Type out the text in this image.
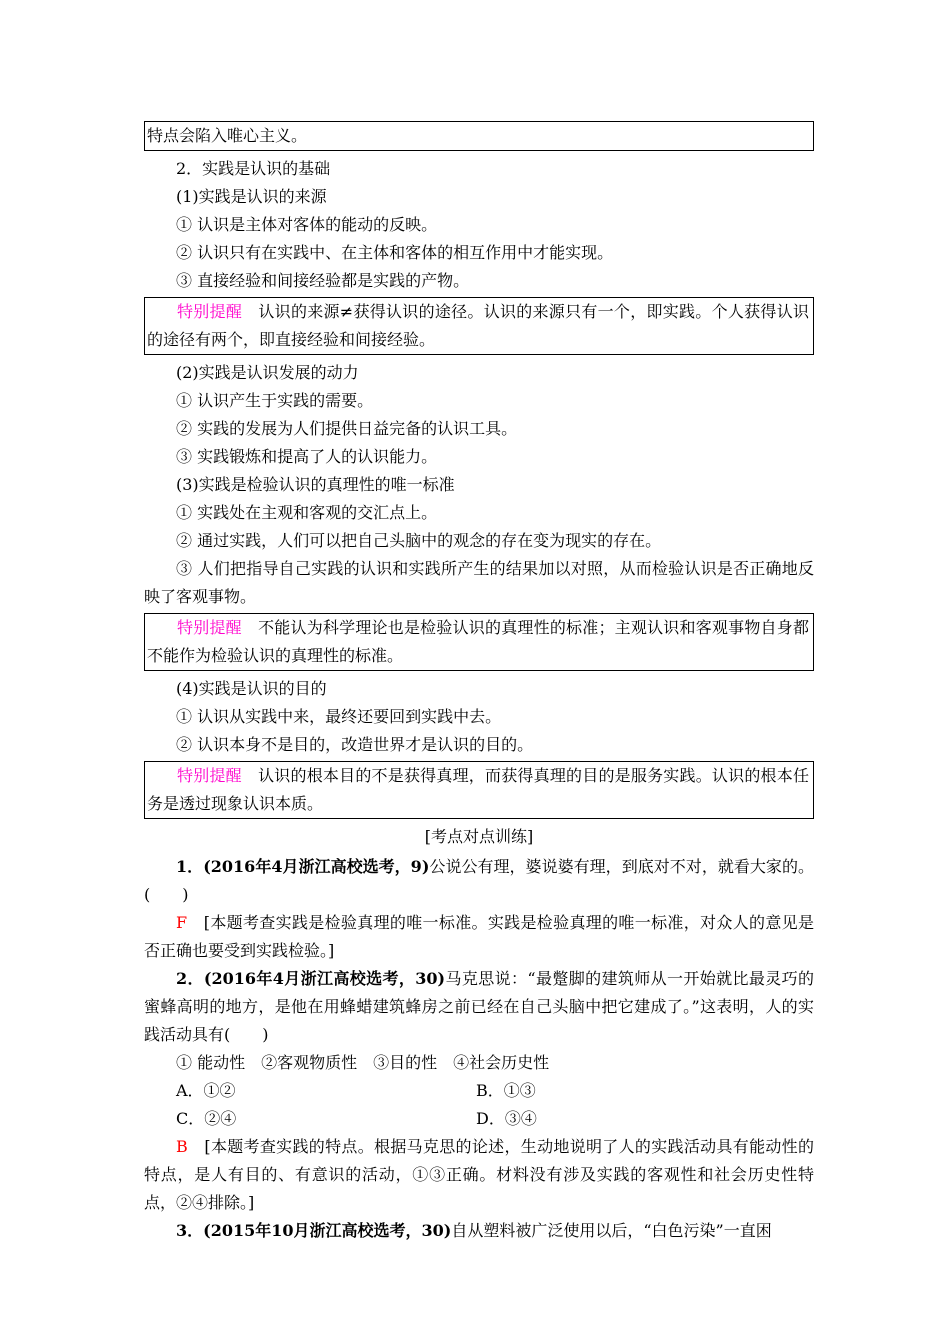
特点会陷入唯心主义。
2．实践是认识的基础
(1)实践是认识的来源
① 认识是主体对客体的能动的反映。
② 认识只有在实践中、在主体和客体的相互作用中才能实现。
③ 直接经验和间接经验都是实践的产物。
特别提醒　 认识的来源≠获得认识的途径。认识的来源只有一个，即实践。个人获得认识的途径有两个，即直接经验和间接经验。
(2)实践是认识发展的动力
① 认识产生于实践的需要。
② 实践的发展为人们提供日益完备的认识工具。
③ 实践锻炼和提高了人的认识能力。
(3)实践是检验认识的真理性的唯一标准
① 实践处在主观和客观的交汇点上。
② 通过实践，人们可以把自己头脑中的观念的存在变为现实的存在。
③ 人们把指导自己实践的认识和实践所产生的结果加以对照，从而检验认识是否正确地反映了客观事物。
特别提醒　 不能认为科学理论也是检验认识的真理性的标准；主观认识和客观事物自身都不能作为检验认识的真理性的标准。
(4)实践是认识的目的
① 认识从实践中来，最终还要回到实践中去。
② 认识本身不是目的，改造世界才是认识的目的。
特别提醒　 认识的根本目的不是获得真理，而获得真理的目的是服务实践。认识的根本任务是透过现象认识本质。
[考点对点训练]
1．(2016年4月浙江高校选考，9)公说公有理，婆说婆有理，到底对不对，就看大家的。(　　)
F　 [本题考查实践是检验真理的唯一标准。实践是检验真理的唯一标准，对众人的意见是否正确也要受到实践检验。]
2．(2016年4月浙江高校选考，30)马克思说：“最蹩脚的建筑师从一开始就比最灵巧的蜜蜂高明的地方，是他在用蜂蜡建筑蜂房之前已经在自己头脑中把它建成了。”这表明，人的实践活动具有(　　)
① 能动性　②客观物质性　③目的性　④社会历史性
A．①②	B．①③
C．②④	D．③④
B　 [本题考查实践的特点。根据马克思的论述，生动地说明了人的实践活动具有能动性的特点，是人有目的、有意识的活动，①③正确。材料没有涉及实践的客观性和社会历史性特点，②④排除。]
3．(2015年10月浙江高校选考，30)自从塑料被广泛使用以后，“白色污染”一直困
